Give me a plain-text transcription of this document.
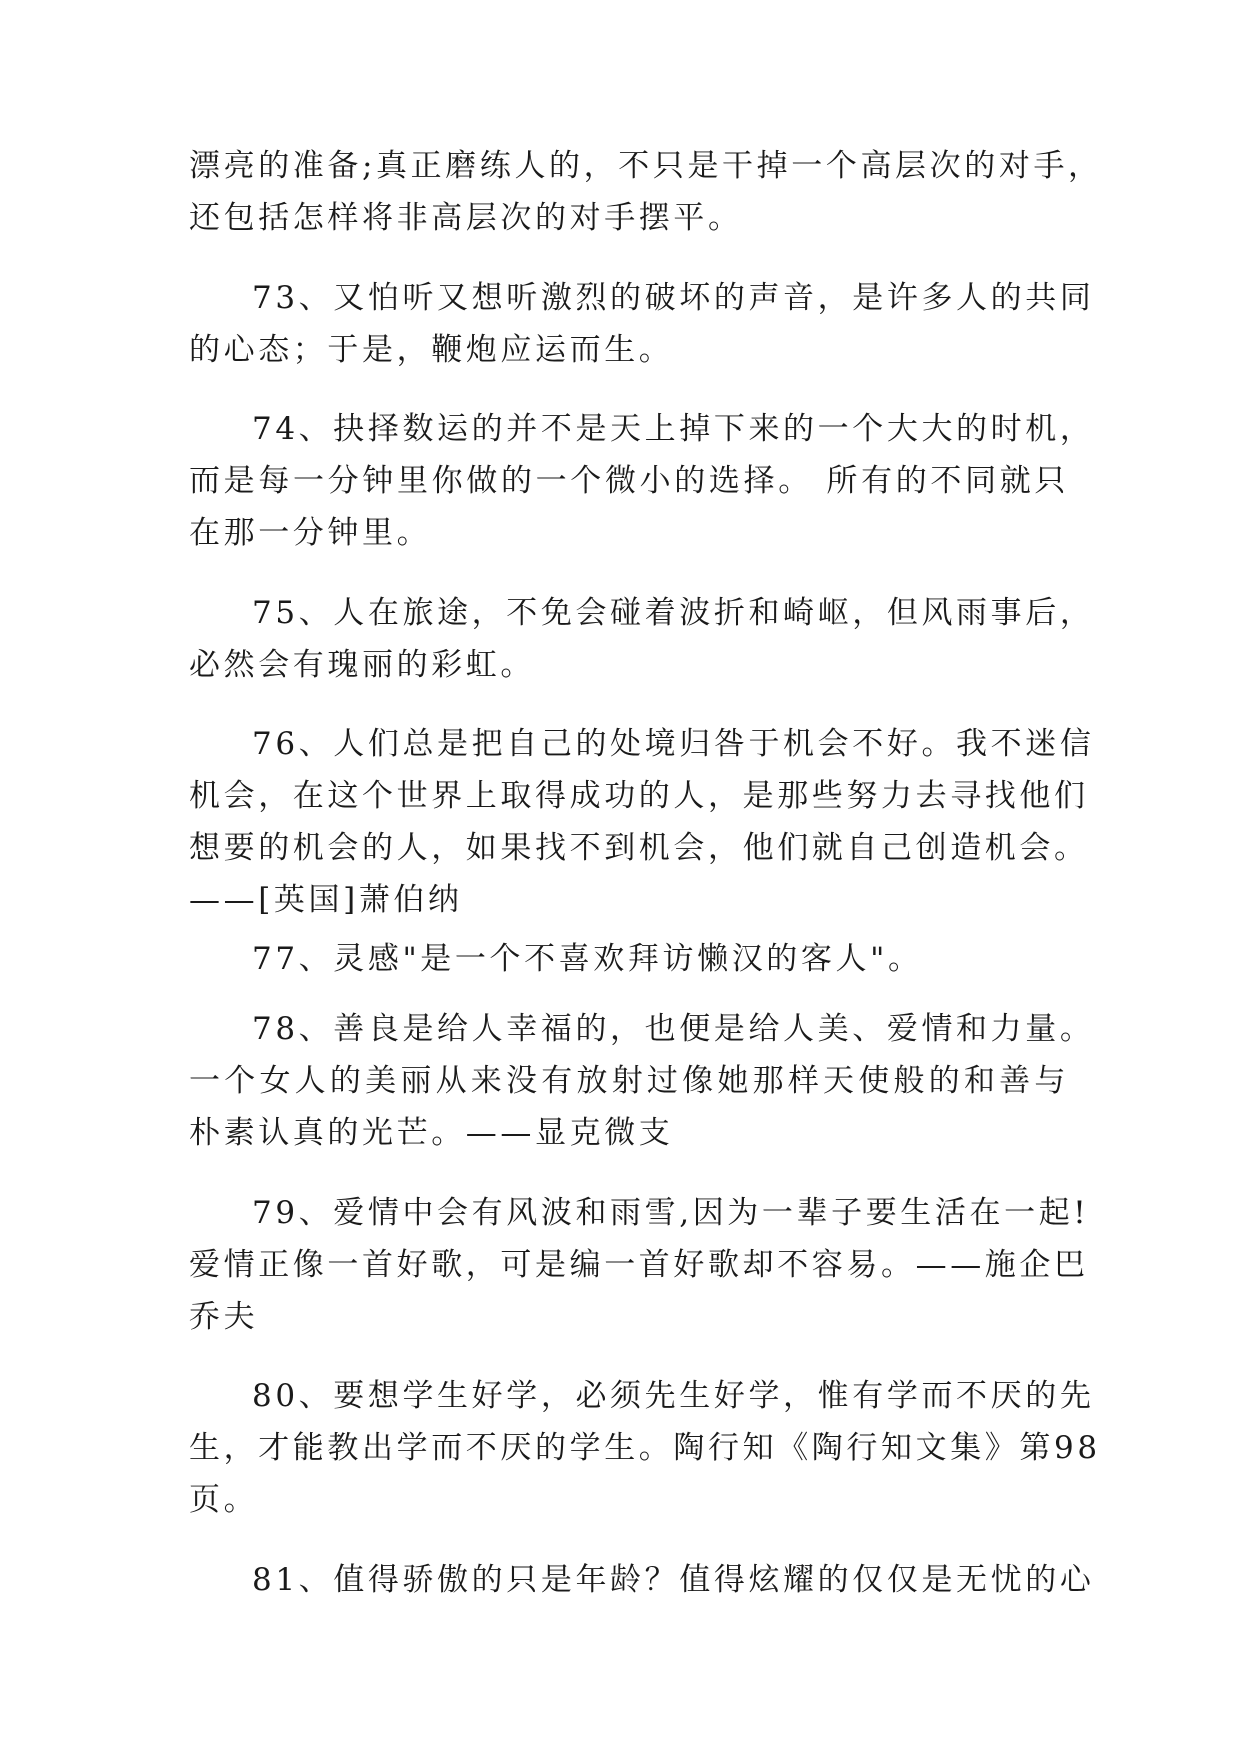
漂亮的准备;真正磨练人的，不只是干掉一个高层次的对手，
还包括怎样将非高层次的对手摆平。
73、又怕听又想听激烈的破坏的声音，是许多人的共同
的心态；于是，鞭炮应运而生。
74、抉择数运的并不是天上掉下来的一个大大的时机，
而是每一分钟里你做的一个微小的选择。 所有的不同就只
在那一分钟里。
75、人在旅途，不免会碰着波折和崎岖，但风雨事后，
必然会有瑰丽的彩虹。
76、人们总是把自己的处境归咎于机会不好。我不迷信
机会，在这个世界上取得成功的人，是那些努力去寻找他们
想要的机会的人，如果找不到机会，他们就自己创造机会。
——[英国]萧伯纳
77、灵感"是一个不喜欢拜访懒汉的客人"。
78、善良是给人幸福的，也便是给人美、爱情和力量。
一个女人的美丽从来没有放射过像她那样天使般的和善与
朴素认真的光芒。——显克微支
79、爱情中会有风波和雨雪,因为一辈子要生活在一起!
爱情正像一首好歌，可是编一首好歌却不容易。——施企巴
乔夫
80、要想学生好学，必须先生好学，惟有学而不厌的先
生，才能教出学而不厌的学生。陶行知《陶行知文集》第98
页。
81、值得骄傲的只是年龄？值得炫耀的仅仅是无忧的心
